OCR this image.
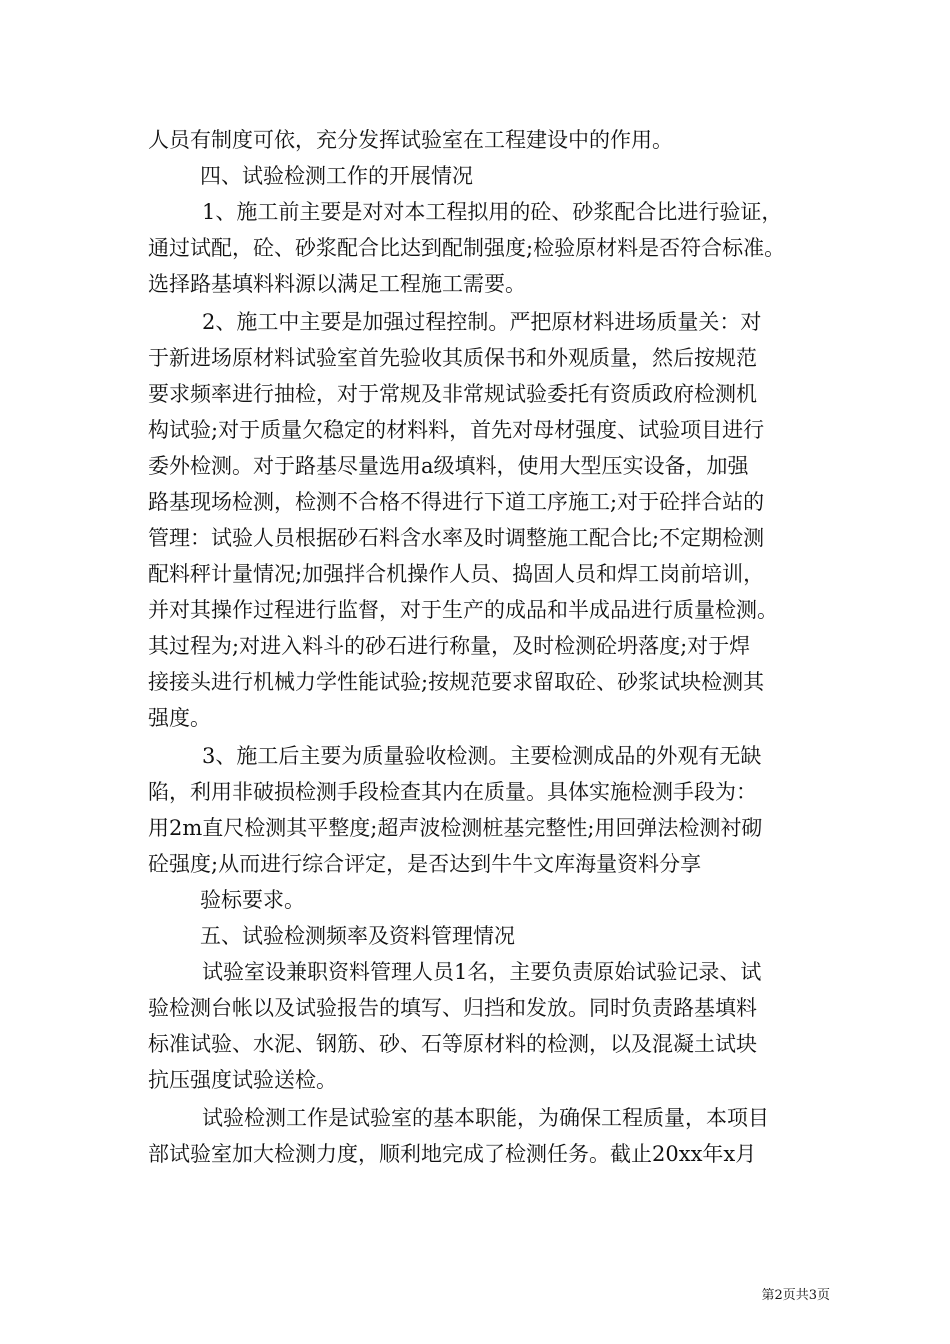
人员有制度可依，充分发挥试验室在工程建设中的作用。

四、试验检测工作的开展情况

1、施工前主要是对对本工程拟用的砼、砂浆配合比进行验证，

通过试配，砼、砂浆配合比达到配制强度;检验原材料是否符合标准。

选择路基填料料源以满足工程施工需要。

2、施工中主要是加强过程控制。严把原材料进场质量关：对

于新进场原材料试验室首先验收其质保书和外观质量，然后按规范

要求频率进行抽检，对于常规及非常规试验委托有资质政府检测机

构试验;对于质量欠稳定的材料料，首先对母材强度、试验项目进行

委外检测。对于路基尽量选用a级填料，使用大型压实设备，加强

路基现场检测，检测不合格不得进行下道工序施工;对于砼拌合站的

管理：试验人员根据砂石料含水率及时调整施工配合比;不定期检测

配料秤计量情况;加强拌合机操作人员、捣固人员和焊工岗前培训，

并对其操作过程进行监督，对于生产的成品和半成品进行质量检测。

其过程为;对进入料斗的砂石进行称量，及时检测砼坍落度;对于焊

接接头进行机械力学性能试验;按规范要求留取砼、砂浆试块检测其

强度。

3、施工后主要为质量验收检测。主要检测成品的外观有无缺

陷，利用非破损检测手段检查其内在质量。具体实施检测手段为：

用2m直尺检测其平整度;超声波检测桩基完整性;用回弹法检测衬砌

砼强度;从而进行综合评定，是否达到牛牛文库海量资料分享

验标要求。

五、试验检测频率及资料管理情况

试验室设兼职资料管理人员1名，主要负责原始试验记录、试

验检测台帐以及试验报告的填写、归挡和发放。同时负责路基填料

标准试验、水泥、钢筋、砂、石等原材料的检测，以及混凝土试块

抗压强度试验送检。

试验检测工作是试验室的基本职能，为确保工程质量，本项目

部试验室加大检测力度，顺利地完成了检测任务。截止20xx年x月

第2页共3页
